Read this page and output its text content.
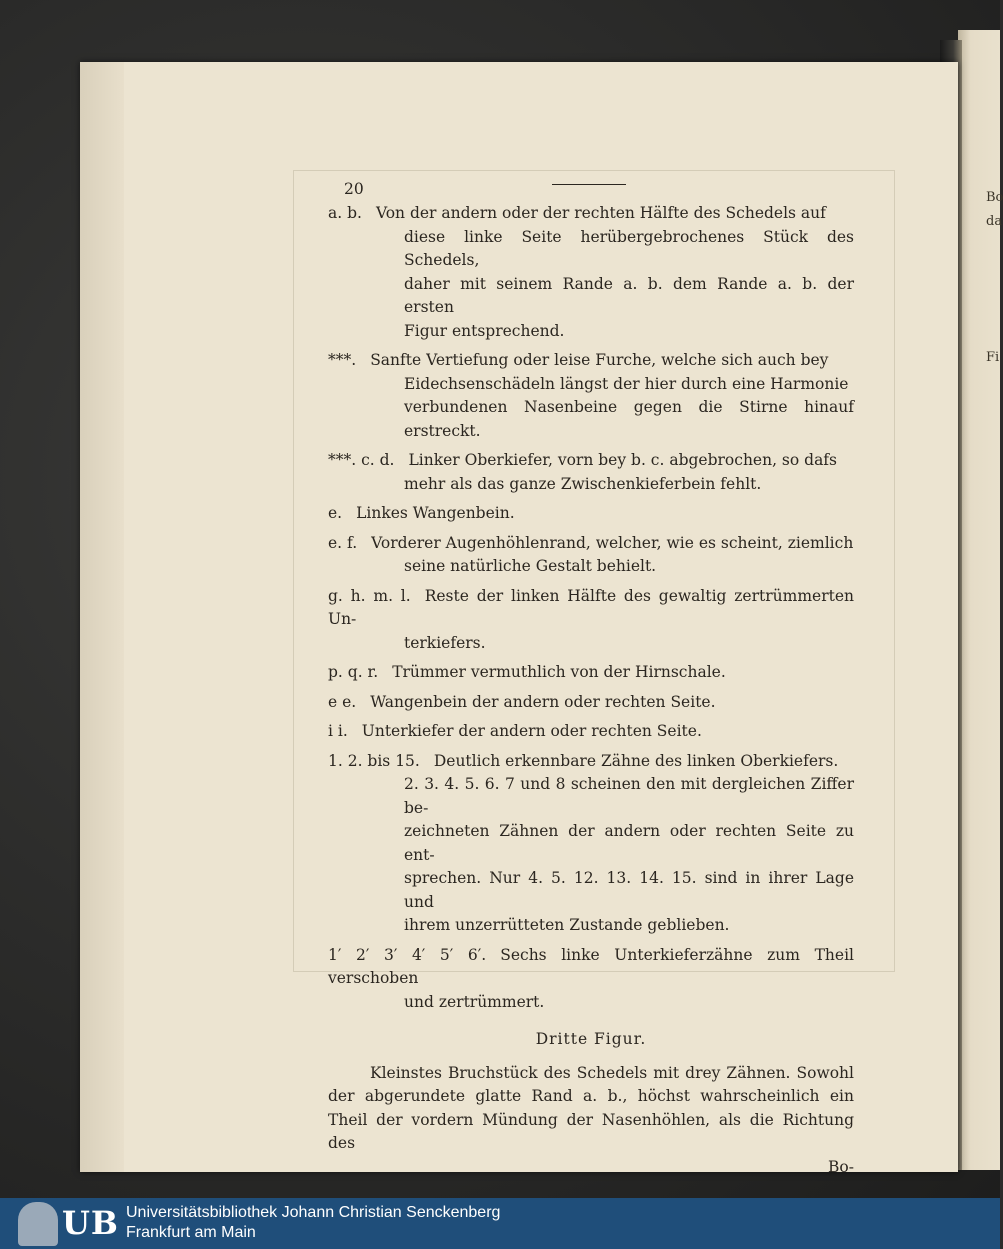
Bo
da
Fi
20
a. b. Von der andern oder der rechten Hälfte des Schedels auf
diese linke Seite herübergebrochenes Stück des Schedels,
daher mit seinem Rande a. b. dem Rande a. b. der ersten
Figur entsprechend.
***. Sanfte Vertiefung oder leise Furche, welche sich auch bey
Eidechsenschädeln längst der hier durch eine Harmonie
verbundenen Nasenbeine gegen die Stirne hinauf erstreckt.
***. c. d. Linker Oberkiefer, vorn bey b. c. abgebrochen, so dafs
mehr als das ganze Zwischenkieferbein fehlt.
e. Linkes Wangenbein.
e. f. Vorderer Augenhöhlenrand, welcher, wie es scheint, ziemlich
seine natürliche Gestalt behielt.
g. h. m. l. Reste der linken Hälfte des gewaltig zertrümmerten Un-
terkiefers.
p. q. r. Trümmer vermuthlich von der Hirnschale.
e e. Wangenbein der andern oder rechten Seite.
i i. Unterkiefer der andern oder rechten Seite.
1. 2. bis 15. Deutlich erkennbare Zähne des linken Oberkiefers.
2. 3. 4. 5. 6. 7 und 8 scheinen den mit dergleichen Ziffer be-
zeichneten Zähnen der andern oder rechten Seite zu ent-
sprechen. Nur 4. 5. 12. 13. 14. 15. sind in ihrer Lage und
ihrem unzerrütteten Zustande geblieben.
1′ 2′ 3′ 4′ 5′ 6′. Sechs linke Unterkieferzähne zum Theil verschoben
und zertrümmert.
Dritte Figur.

Kleinstes Bruchstück des Schedels mit drey Zähnen. Sowohl der abgerundete glatte Rand a. b., höchst wahrscheinlich ein Theil der vordern Mündung der Nasenhöhlen, als die Richtung des

Bo-

UB Universitätsbibliothek Johann Christian Senckenberg
Frankfurt am Main
